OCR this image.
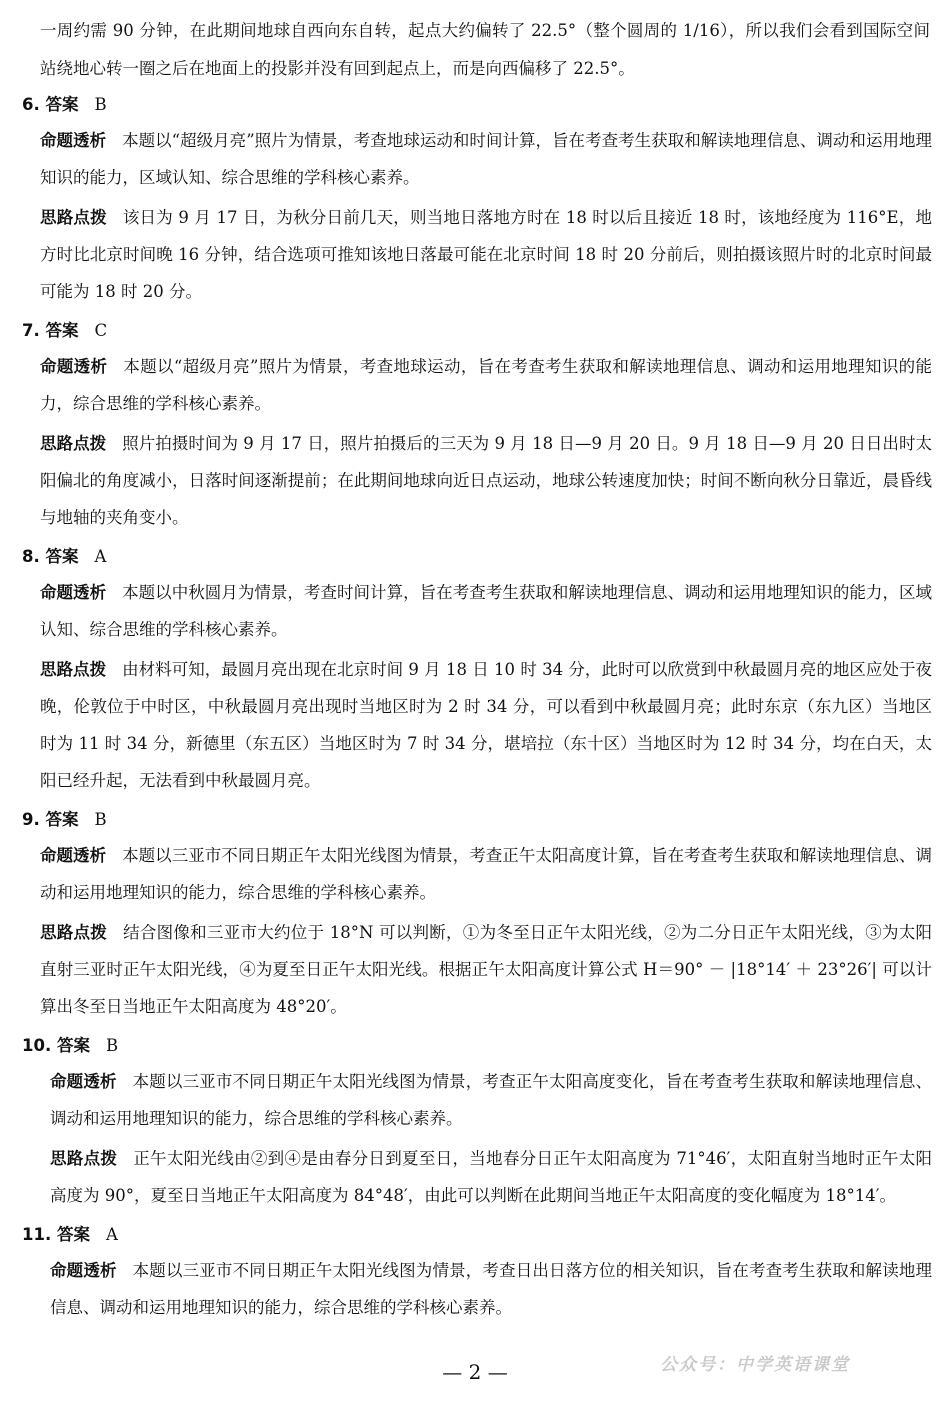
一周约需 90 分钟，在此期间地球自西向东自转，起点大约偏转了 22.5°（整个圆周的 1/16），所以我们会看到国际空间站绕地心转一圈之后在地面上的投影并没有回到起点上，而是向西偏移了 22.5°。
6. 答案 B
命题透析 本题以“超级月亮”照片为情景，考查地球运动和时间计算，旨在考查考生获取和解读地理信息、调动和运用地理知识的能力，区域认知、综合思维的学科核心素养。
思路点拨 该日为 9 月 17 日，为秋分日前几天，则当地日落地方时在 18 时以后且接近 18 时，该地经度为 116°E，地方时比北京时间晚 16 分钟，结合选项可推知该地日落最可能在北京时间 18 时 20 分前后，则拍摄该照片时的北京时间最可能为 18 时 20 分。
7. 答案 C
命题透析 本题以“超级月亮”照片为情景，考查地球运动，旨在考查考生获取和解读地理信息、调动和运用地理知识的能力，综合思维的学科核心素养。
思路点拨 照片拍摄时间为 9 月 17 日，照片拍摄后的三天为 9 月 18 日—9 月 20 日。9 月 18 日—9 月 20 日日出时太阳偏北的角度减小，日落时间逐渐提前；在此期间地球向近日点运动，地球公转速度加快；时间不断向秋分日靠近，晨昏线与地轴的夹角变小。
8. 答案 A
命题透析 本题以中秋圆月为情景，考查时间计算，旨在考查考生获取和解读地理信息、调动和运用地理知识的能力，区域认知、综合思维的学科核心素养。
思路点拨 由材料可知，最圆月亮出现在北京时间 9 月 18 日 10 时 34 分，此时可以欣赏到中秋最圆月亮的地区应处于夜晚，伦敦位于中时区，中秋最圆月亮出现时当地区时为 2 时 34 分，可以看到中秋最圆月亮；此时东京（东九区）当地区时为 11 时 34 分，新德里（东五区）当地区时为 7 时 34 分，堪培拉（东十区）当地区时为 12 时 34 分，均在白天，太阳已经升起，无法看到中秋最圆月亮。
9. 答案 B
命题透析 本题以三亚市不同日期正午太阳光线图为情景，考查正午太阳高度计算，旨在考查考生获取和解读地理信息、调动和运用地理知识的能力，综合思维的学科核心素养。
思路点拨 结合图像和三亚市大约位于 18°N 可以判断，①为冬至日正午太阳光线，②为二分日正午太阳光线，③为太阳直射三亚时正午太阳光线，④为夏至日正午太阳光线。根据正午太阳高度计算公式 H＝90° － |18°14′ ＋ 23°26′| 可以计算出冬至日当地正午太阳高度为 48°20′。
10. 答案 B
命题透析 本题以三亚市不同日期正午太阳光线图为情景，考查正午太阳高度变化，旨在考查考生获取和解读地理信息、调动和运用地理知识的能力，综合思维的学科核心素养。
思路点拨 正午太阳光线由②到④是由春分日到夏至日，当地春分日正午太阳高度为 71°46′，太阳直射当地时正午太阳高度为 90°，夏至日当地正午太阳高度为 84°48′，由此可以判断在此期间当地正午太阳高度的变化幅度为 18°14′。
11. 答案 A
命题透析 本题以三亚市不同日期正午太阳光线图为情景，考查日出日落方位的相关知识，旨在考查考生获取和解读地理信息、调动和运用地理知识的能力，综合思维的学科核心素养。
— 2 —	公众号：中学英语课堂
